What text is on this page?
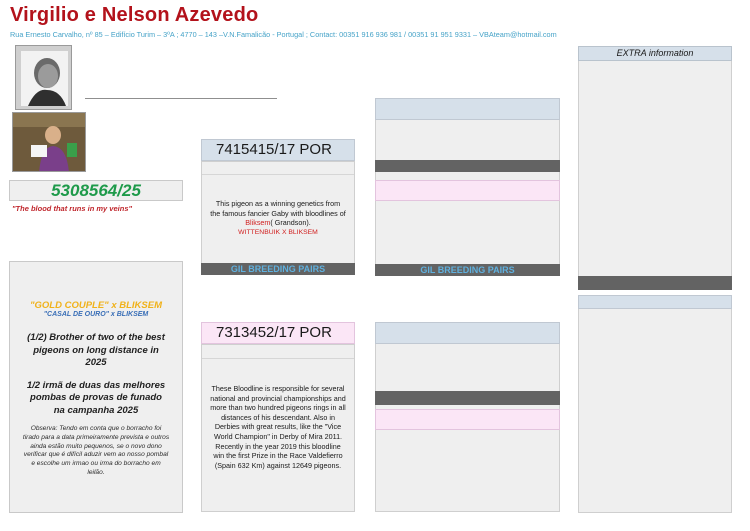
Virgilio e Nelson Azevedo
Rua Ernesto Carvalho, nº 85 – Edifício Turim – 3ºA ; 4770 – 143 –V.N.Famalicão - Portugal ; Contact: 00351 916 936 981 / 00351 91 951 9331 – VBAteam@hotmail.com
5308564/25
"The blood that runs in my veins"
"GOLD COUPLE" x BLIKSEM
"CASAL DE OURO" x BLIKSEM
(1/2) Brother of two of the best pigeons on long distance in 2025
1/2 irmã de duas das melhores pombas de provas de funado na campanha 2025
Observa: Tendo em conta que o borracho foi tirado para a data primeiramente prevista e outros ainda estão muito pequenos, se o novo dono verificar que é difícil aduzir vem ao nosso pombal e escolhe um irmao ou irma do borracho em leilão.
7415415/17 POR
This pigeon as a winning genetics from the famous fancier Gaby with bloodlines of Bliksem( Grandson).
WITTENBUIK X BLIKSEM
GIL BREEDING PAIRS
7313452/17 POR
These Bloodline is responsible for several national and provincial championships and more than two hundred pigeons rings in all distances of his descendant. Also in Derbies with great results, like the "Vice World Champion" in Derby of Mira 2011. Recently in the year 2019 this bloodline win the first Prize in the Race Valdefierro (Spain 632 Km) against 12649 pigeons.
GIL BREEDING PAIRS
EXTRA information
